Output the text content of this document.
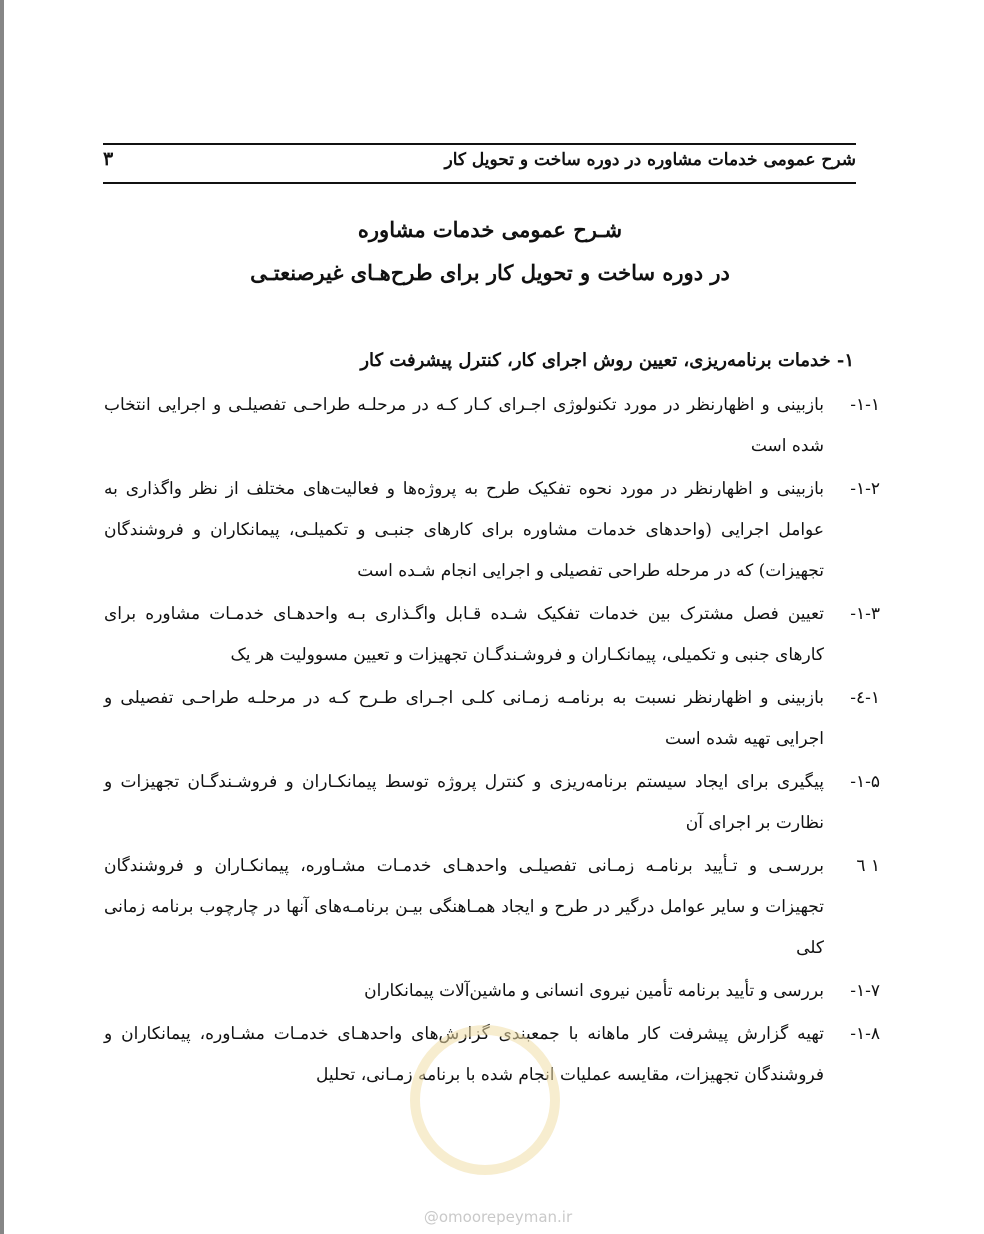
شرح عمومی خدمات مشاوره در دوره ساخت و تحویل کار
۳
شـرح عمومی خدمات مشاوره
در دوره ساخت و تحویل کار برای طرح‌هـای غیرصنعتـی
۱- خدمات برنامه‌ریزی، تعیین روش اجرای کار، کنترل پیشرفت کار
۱-۱-
بازبینی و اظهارنظر در مورد تکنولوژی اجـرای کـار کـه در مرحلـه طراحـی تفصیلـی و اجرایی انتخاب شده است
۱-۲-
بازبینی و اظهارنظر در مورد نحوه تفکیک طرح به پروژه‌ها و فعالیت‌های مختلف از نظر واگذاری به عوامل اجرایی (واحدهای خدمات مشاوره برای کارهای جنبـی و تکمیلـی، پیمانکاران و فروشندگان تجهیزات) که در مرحله طراحی تفصیلی و اجرایی انجام شـده است
۱-۳-
تعیین فصل مشترک بین خدمات تفکیک شـده قـابل واگـذاری بـه واحدهـای خدمـات مشاوره برای کارهای جنبی و تکمیلی، پیمانکـاران و فروشـندگـان تجهیزات و تعیین مسوولیت هر یک
۱-٤-
بازبینی و اظهارنظر نسبت به برنامـه زمـانی کلـی اجـرای طـرح کـه در مرحلـه طراحـی تفصیلی و اجرایی تهیه شده است
۱-۵-
پیگیری برای ایجاد سیستم برنامه‌ریزی و کنترل پروژه توسط پیمانکـاران و فروشـندگـان تجهیزات و نظارت بر اجرای آن
۱ ٦
بررسـی و تـأیید برنامـه زمـانی تفصیلـی واحدهـای خدمـات مشـاوره، پیمانکـاران و فروشندگان تجهیزات و سایر عوامل درگیر در طرح و ایجاد همـاهنگی بیـن برنامـه‌های آنها در چارچوب برنامه زمانی کلی
۱-۷-
بررسی و تأیید برنامه تأمین نیروی انسانی و ماشین‌آلات پیمانکاران
۱-۸-
تهیه گزارش پیشرفت کار ماهانه با جمعبندی گزارش‌های واحدهـای خدمـات مشـاوره، پیمانکاران و فروشندگان تجهیزات، مقایسه عملیات انجام شده با برنامه زمـانی، تحلیل
@omoorepeyman.ir
